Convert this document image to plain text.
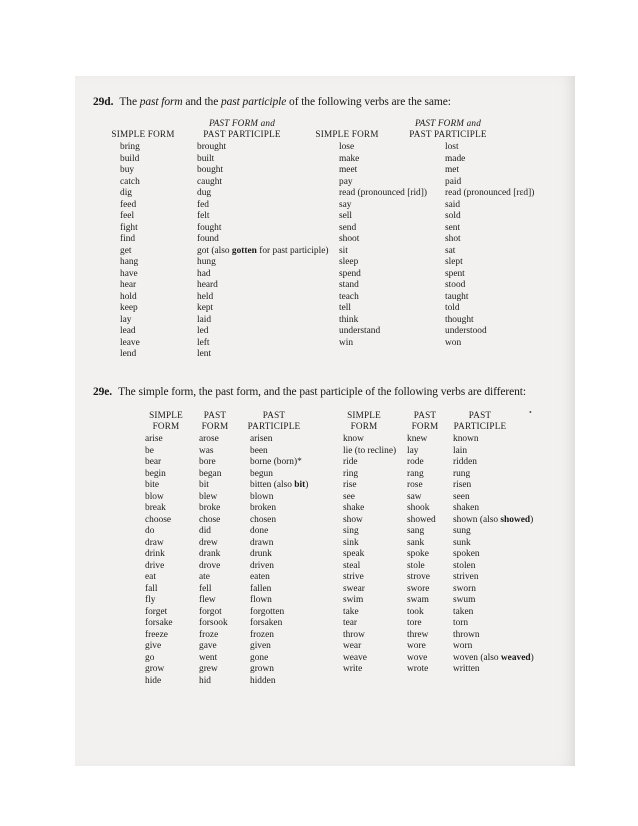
29d. The past form and the past participle of the following verbs are the same:
PAST FORM and
SIMPLE FORM	PAST PARTICIPLE
PAST FORM and
SIMPLE FORM	PAST PARTICIPLE
bring
build
buy
catch
dig
feed
feel
fight
find
get
hang
have
hear
hold
keep
lay
lead
leave
lend
brought
built
bought
caught
dug
fed
felt
fought
found
got (also gotten for past participle)
hung
had
heard
held
kept
laid
led
left
lent
lose
make
meet
pay
read (pronounced [rid])
say
sell
send
shoot
sit
sleep
spend
stand
teach
tell
think
understand
win
lost
made
met
paid
read (pronounced [rεd])
said
sold
sent
shot
sat
slept
spent
stood
taught
told
thought
understood
won
29e. The simple form, the past form, and the past participle of the following verbs are different:
SIMPLE
FORM
PAST
FORM
PAST
PARTICIPLE
SIMPLE
FORM
PAST
FORM
PAST
PARTICIPLE
•
arise
be
bear
begin
bite
blow
break
choose
do
draw
drink
drive
eat
fall
fly
forget
forsake
freeze
give
go
grow
hide
arose
was
bore
began
bit
blew
broke
chose
did
drew
drank
drove
ate
fell
flew
forgot
forsook
froze
gave
went
grew
hid
arisen
been
borne (born)*
begun
bitten (also bit)
blown
broken
chosen
done
drawn
drunk
driven
eaten
fallen
flown
forgotten
forsaken
frozen
given
gone
grown
hidden
know
lie (to recline)
ride
ring
rise
see
shake
show
sing
sink
speak
steal
strive
swear
swim
take
tear
throw
wear
weave
write
knew
lay
rode
rang
rose
saw
shook
showed
sang
sank
spoke
stole
strove
swore
swam
took
tore
threw
wore
wove
wrote
known
lain
ridden
rung
risen
seen
shaken
shown (also showed)
sung
sunk
spoken
stolen
striven
sworn
swum
taken
torn
thrown
worn
woven (also weaved)
written
